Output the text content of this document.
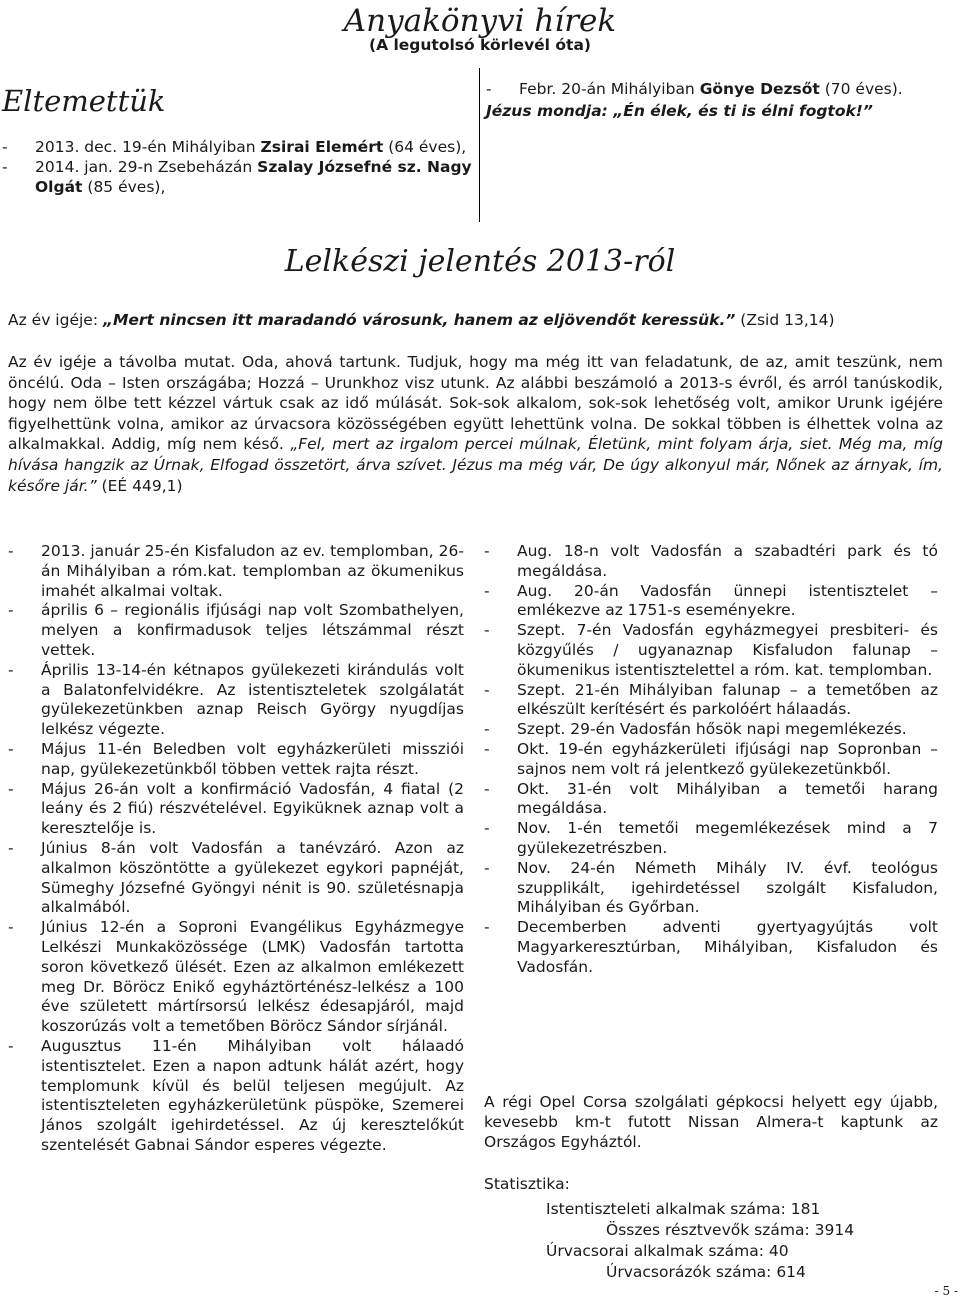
Anyakönyvi hírek
(A legutolsó körlevél óta)
Eltemettük
- 2013. dec. 19-én Mihályiban Zsirai Elemért (64 éves),
- 2014. jan. 29-n Zsebeházán Szalay Józsefné sz. Nagy Olgát (85 éves),
- Febr. 20-án Mihályiban Gönye Dezsőt (70 éves).
Jézus mondja: „Én élek, és ti is élni fogtok!”
Lelkészi jelentés 2013-ról
Az év igéje: „Mert nincsen itt maradandó városunk, hanem az eljövendőt keressük.” (Zsid 13,14)
Az év igéje a távolba mutat. Oda, ahová tartunk. Tudjuk, hogy ma még itt van feladatunk, de az, amit teszünk, nem öncélú. Oda – Isten országába; Hozzá – Urunkhoz visz utunk. Az alábbi beszámoló a 2013-s évről, és arról tanúskodik, hogy nem ölbe tett kézzel vártuk csak az idő múlását. Sok-sok alkalom, sok-sok lehetőség volt, amikor Urunk igéjére figyelhettünk volna, amikor az úrvacsora közösségében együtt lehettünk volna. De sokkal többen is élhettek volna az alkalmakkal. Addig, míg nem késő. „Fel, mert az irgalom percei múlnak, Életünk, mint folyam árja, siet. Még ma, míg hívása hangzik az Úrnak, Elfogad összetört, árva szívet. Jézus ma még vár, De úgy alkonyul már, Nőnek az árnyak, ím, későre jár.” (EÉ 449,1)
- 2013. január 25-én Kisfaludon az ev. templomban, 26-án Mihályiban a róm.kat. templomban az ökumenikus imahét alkalmai voltak.
- április 6 – regionális ifjúsági nap volt Szombathelyen, melyen a konfirmadusok teljes létszámmal részt vettek.
- Április 13-14-én kétnapos gyülekezeti kirándulás volt a Balatonfelvidékre. Az istentiszteletek szolgálatát gyülekezetünkben aznap Reisch György nyugdíjas lelkész végezte.
- Május 11-én Beledben volt egyházkerületi missziói nap, gyülekezetünkből többen vettek rajta részt.
- Május 26-án volt a konfirmáció Vadosfán, 4 fiatal (2 leány és 2 fiú) részvételével. Egyiküknek aznap volt a keresztelője is.
- Június 8-án volt Vadosfán a tanévzáró. Azon az alkalmon köszöntötte a gyülekezet egykori papnéját, Sümeghy Józsefné Gyöngyi nénit is 90. születésnapja alkalmából.
- Június 12-én a Soproni Evangélikus Egyházmegye Lelkészi Munkaközössége (LMK) Vadosfán tartotta soron következő ülését. Ezen az alkalmon emlékezett meg Dr. Böröcz Enikő egyháztörténész-lelkész a 100 éve született mártírsorsú lelkész édesapjáról, majd koszorúzás volt a temetőben Böröcz Sándor sírjánál.
- Augusztus 11-én Mihályiban volt hálaadó istentisztelet. Ezen a napon adtunk hálát azért, hogy templomunk kívül és belül teljesen megújult. Az istentiszteleten egyházkerületünk püspöke, Szemerei János szolgált igehirdetéssel. Az új keresztelőkút szentelését Gabnai Sándor esperes végezte.
- Aug. 18-n volt Vadosfán a szabadtéri park és tó megáldása.
- Aug. 20-án Vadosfán ünnepi istentisztelet – emlékezve az 1751-s eseményekre.
- Szept. 7-én Vadosfán egyházmegyei presbiteri- és közgyűlés / ugyanaznap Kisfaludon falunap – ökumenikus istentisztelettel a róm. kat. templomban.
- Szept. 21-én Mihályiban falunap – a temetőben az elkészült kerítésért és parkolóért hálaadás.
- Szept. 29-én Vadosfán hősök napi megemlékezés.
- Okt. 19-én egyházkerületi ifjúsági nap Sopronban – sajnos nem volt rá jelentkező gyülekezetünkből.
- Okt. 31-én volt Mihályiban a temetői harang megáldása.
- Nov. 1-én temetői megemlékezések mind a 7 gyülekezetrészben.
- Nov. 24-én Németh Mihály IV. évf. teológus szupplikált, igehirdetéssel szolgált Kisfaludon, Mihályiban és Győrban.
- Decemberben adventi gyertyagyújtás volt Magyarkeresztúrban, Mihályiban, Kisfaludon és Vadosfán.
A régi Opel Corsa szolgálati gépkocsi helyett egy újabb, kevesebb km-t futott Nissan Almera-t kaptunk az Országos Egyháztól.
Statisztika:
Istentiszteleti alkalmak száma: 181
Összes résztvevők száma: 3914
Úrvacsorai alkalmak száma: 40
Úrvacsorázók száma: 614
- 5 -
